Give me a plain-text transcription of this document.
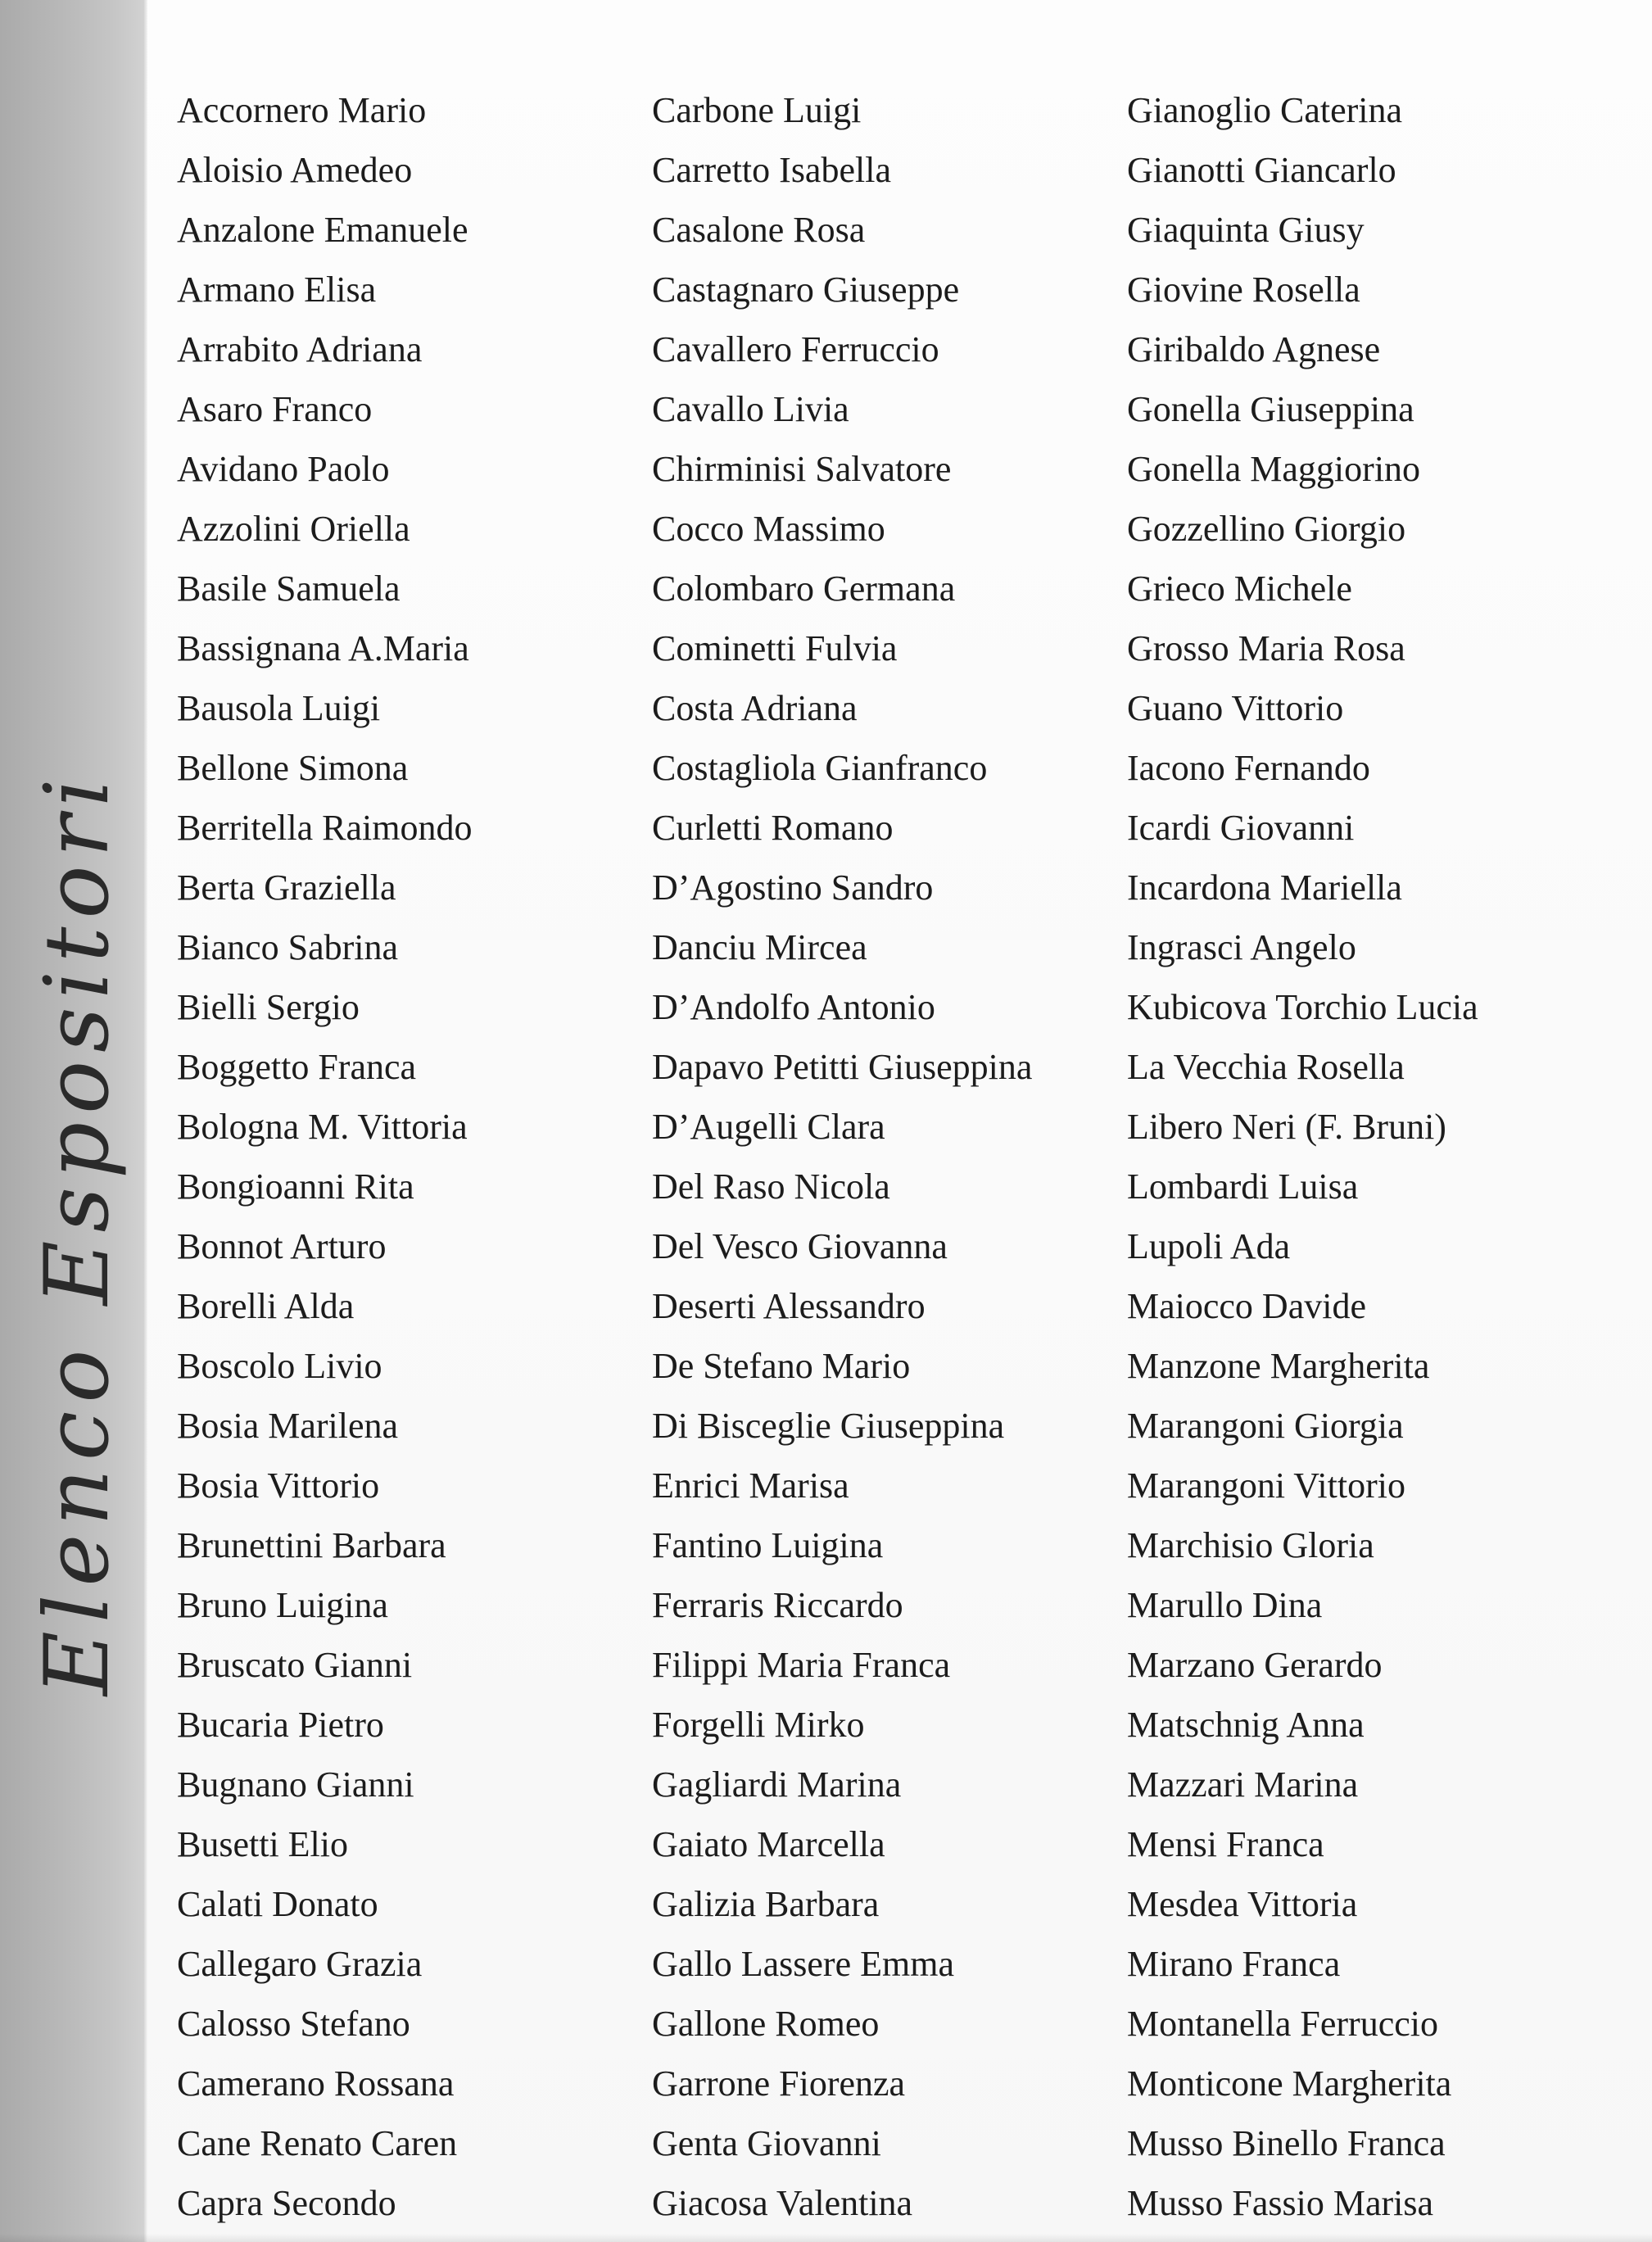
Elenco Espositori
Accornero Mario
Aloisio Amedeo
Anzalone Emanuele
Armano Elisa
Arrabito Adriana
Asaro Franco
Avidano Paolo
Azzolini Oriella
Basile Samuela
Bassignana A.Maria
Bausola Luigi
Bellone Simona
Berritella Raimondo
Berta Graziella
Bianco Sabrina
Bielli Sergio
Boggetto Franca
Bologna M. Vittoria
Bongioanni Rita
Bonnot Arturo
Borelli Alda
Boscolo Livio
Bosia Marilena
Bosia Vittorio
Brunettini Barbara
Bruno Luigina
Bruscato Gianni
Bucaria Pietro
Bugnano Gianni
Busetti Elio
Calati Donato
Callegaro Grazia
Calosso Stefano
Camerano Rossana
Cane Renato Caren
Capra Secondo
Carbone Luigi
Carretto Isabella
Casalone Rosa
Castagnaro Giuseppe
Cavallero Ferruccio
Cavallo Livia
Chirminisi Salvatore
Cocco Massimo
Colombaro Germana
Cominetti Fulvia
Costa Adriana
Costagliola Gianfranco
Curletti Romano
D’Agostino Sandro
Danciu Mircea
D’Andolfo Antonio
Dapavo Petitti Giuseppina
D’Augelli Clara
Del Raso Nicola
Del Vesco Giovanna
Deserti Alessandro
De Stefano Mario
Di Bisceglie Giuseppina
Enrici Marisa
Fantino Luigina
Ferraris Riccardo
Filippi Maria Franca
Forgelli Mirko
Gagliardi Marina
Gaiato Marcella
Galizia Barbara
Gallo Lassere Emma
Gallone Romeo
Garrone Fiorenza
Genta Giovanni
Giacosa Valentina
Gianoglio Caterina
Gianotti Giancarlo
Giaquinta Giusy
Giovine Rosella
Giribaldo Agnese
Gonella Giuseppina
Gonella Maggiorino
Gozzellino Giorgio
Grieco Michele
Grosso Maria Rosa
Guano Vittorio
Iacono Fernando
Icardi Giovanni
Incardona Mariella
Ingrasci Angelo
Kubicova Torchio Lucia
La Vecchia Rosella
Libero Neri (F. Bruni)
Lombardi Luisa
Lupoli Ada
Maiocco Davide
Manzone Margherita
Marangoni Giorgia
Marangoni Vittorio
Marchisio Gloria
Marullo Dina
Marzano Gerardo
Matschnig Anna
Mazzari Marina
Mensi Franca
Mesdea Vittoria
Mirano Franca
Montanella Ferruccio
Monticone Margherita
Musso Binello Franca
Musso Fassio Marisa
